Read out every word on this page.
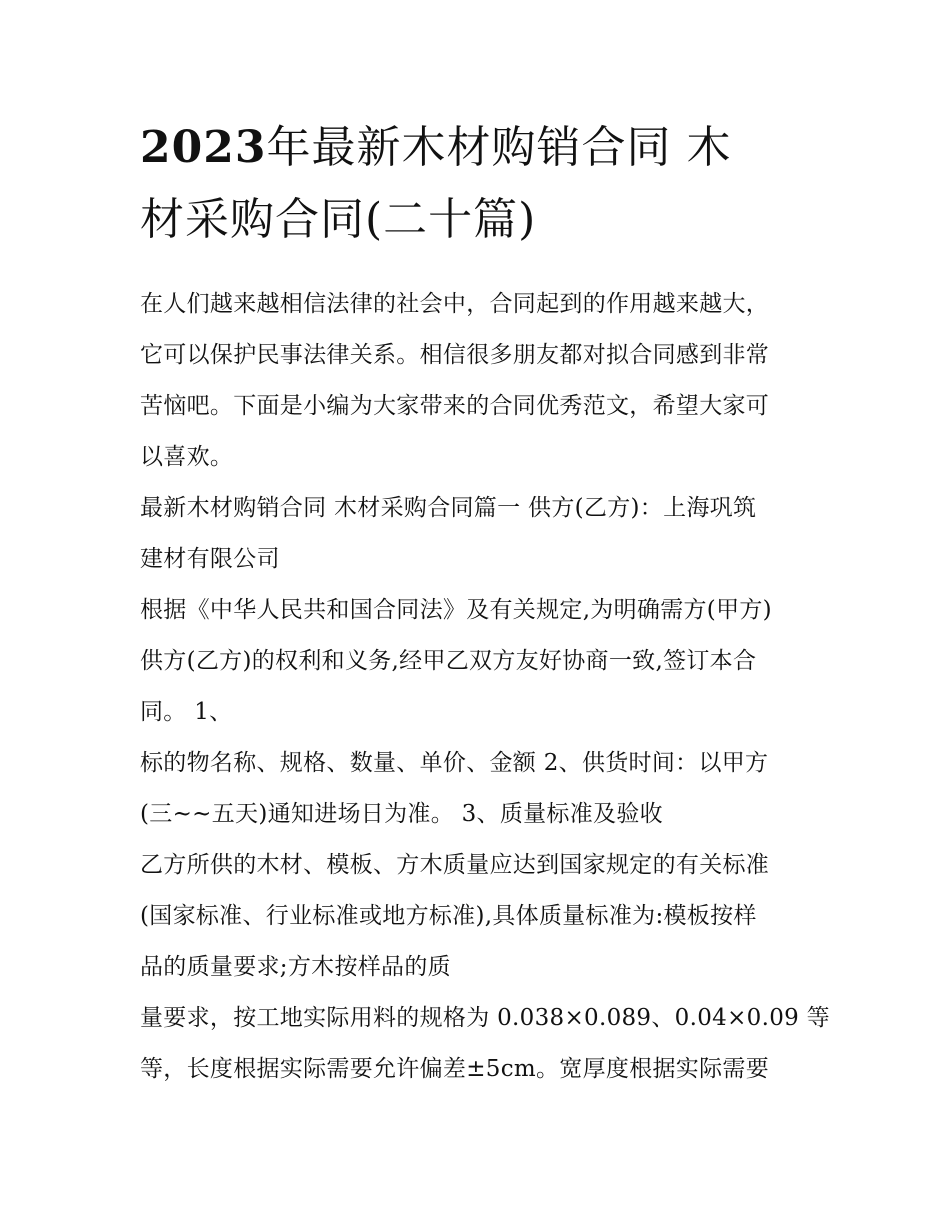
2023年最新木材购销合同 木
材采购合同(二十篇)

在人们越来越相信法律的社会中，合同起到的作用越来越大，
它可以保护民事法律关系。相信很多朋友都对拟合同感到非常
苦恼吧。下面是小编为大家带来的合同优秀范文，希望大家可
以喜欢。

最新木材购销合同 木材采购合同篇一 供方(乙方)：上海巩筑
建材有限公司

根据《中华人民共和国合同法》及有关规定,为明确需方(甲方)
供方(乙方)的权利和义务,经甲乙双方友好协商一致,签订本合
同。 1、

标的物名称、规格、数量、单价、金额 2、供货时间：以甲方
(三~~五天)通知进场日为准。 3、质量标准及验收

乙方所供的木材、模板、方木质量应达到国家规定的有关标准
(国家标准、行业标准或地方标准),具体质量标准为:模板按样
品的质量要求;方木按样品的质

量要求，按工地实际用料的规格为 0.038×0.089、0.04×0.09 等
等，长度根据实际需要允许偏差±5cm。宽厚度根据实际需要
